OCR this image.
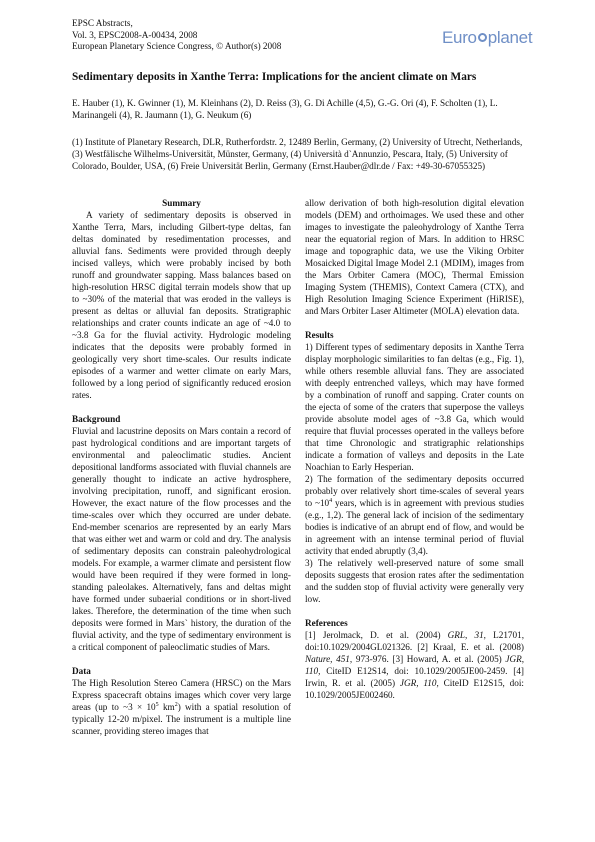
EPSC Abstracts,
Vol. 3, EPSC2008-A-00434, 2008
European Planetary Science Congress, © Author(s) 2008	Euro planet
Sedimentary deposits in Xanthe Terra: Implications for the ancient climate on Mars
E. Hauber (1), K. Gwinner (1), M. Kleinhans (2), D. Reiss (3), G. Di Achille (4,5), G.-G. Ori (4), F. Scholten (1), L. Marinangeli (4), R. Jaumann (1), G. Neukum (6)
(1) Institute of Planetary Research, DLR, Rutherfordstr. 2, 12489 Berlin, Germany, (2) University of Utrecht, Netherlands, (3) Westfälische Wilhelms-Universität, Münster, Germany, (4) Università d`Annunzio, Pescara, Italy, (5) University of Colorado, Boulder, USA, (6) Freie Universität Berlin, Germany (Ernst.Hauber@dlr.de / Fax: +49-30-67055325)

Summary

A variety of sedimentary deposits is observed in Xanthe Terra, Mars, including Gilbert-type deltas, fan deltas dominated by resedimentation processes, and alluvial fans. Sediments were provided through deeply incised valleys, which were probably incised by both runoff and groundwater sapping. Mass balances based on high-resolution HRSC digital terrain models show that up to ~30% of the material that was eroded in the valleys is present as deltas or alluvial fan deposits. Stratigraphic relationships and crater counts indicate an age of ~4.0 to ~3.8 Ga for the fluvial activity. Hydrologic modeling indicates that the deposits were probably formed in geologically very short time-scales. Our results indicate episodes of a warmer and wetter climate on early Mars, followed by a long period of significantly reduced erosion rates.

Background

Fluvial and lacustrine deposits on Mars contain a record of past hydrological conditions and are important targets of environmental and paleoclimatic studies. Ancient depositional landforms associated with fluvial channels are generally thought to indicate an active hydrosphere, involving precipitation, runoff, and significant erosion. However, the exact nature of the flow processes and the time-scales over which they occurred are under debate. End-member scenarios are represented by an early Mars that was either wet and warm or cold and dry. The analysis of sedimentary deposits can constrain paleohydrological models. For example, a warmer climate and persistent flow would have been required if they were formed in long-standing paleolakes. Alternatively, fans and deltas might have formed under subaerial conditions or in short-lived lakes. Therefore, the determination of the time when such deposits were formed in Mars` history, the duration of the fluvial activity, and the type of sedimentary environment is a critical component of paleoclimatic studies of Mars.

Data

The High Resolution Stereo Camera (HRSC) on the Mars Express spacecraft obtains images which cover very large areas (up to ~3 × $10^5$ $km^2$) with a spatial resolution of typically 12-20 m/pixel. The instrument is a multiple line scanner, providing stereo images that

allow derivation of both high-resolution digital elevation models (DEM) and orthoimages. We used these and other images to investigate the paleohydrology of Xanthe Terra near the equatorial region of Mars. In addition to HRSC image and topographic data, we use the Viking Orbiter Mosaicked Digital Image Model 2.1 (MDIM), images from the Mars Orbiter Camera (MOC), Thermal Emission Imaging System (THEMIS), Context Camera (CTX), and High Resolution Imaging Science Experiment (HiRISE), and Mars Orbiter Laser Altimeter (MOLA) elevation data.

Results

1) Different types of sedimentary deposits in Xanthe Terra display morphologic similarities to fan deltas (e.g., Fig. 1), while others resemble alluvial fans. They are associated with deeply entrenched valleys, which may have formed by a combination of runoff and sapping. Crater counts on the ejecta of some of the craters that superpose the valleys provide absolute model ages of ~3.8 Ga, which would require that fluvial processes operated in the valleys before that time Chronologic and stratigraphic relationships indicate a formation of valleys and deposits in the Late Noachian to Early Hesperian.

2) The formation of the sedimentary deposits occurred probably over relatively short time-scales of several years to $\sim 10^4$ years, which is in agreement with previous studies (e.g., 1,2). The general lack of incision of the sedimentary bodies is indicative of an abrupt end of flow, and would be in agreement with an intense terminal period of fluvial activity that ended abruptly (3,4).

3) The relatively well-preserved nature of some small deposits suggests that erosion rates after the sedimentation and the sudden stop of fluvial activity were generally very low.

References

[1] Jerolmack, D. et al. (2004) GRL, 31, L21701, doi:10.1029/2004GL021326. [2] Kraal, E. et al. (2008) Nature, 451, 973-976. [3] Howard, A. et al. (2005) JGR, 110, CiteID E12S14, doi: 10.1029/2005JE00-2459. [4] Irwin, R. et al. (2005) JGR, 110, CiteID E12S15, doi: 10.1029/2005JE002460.
